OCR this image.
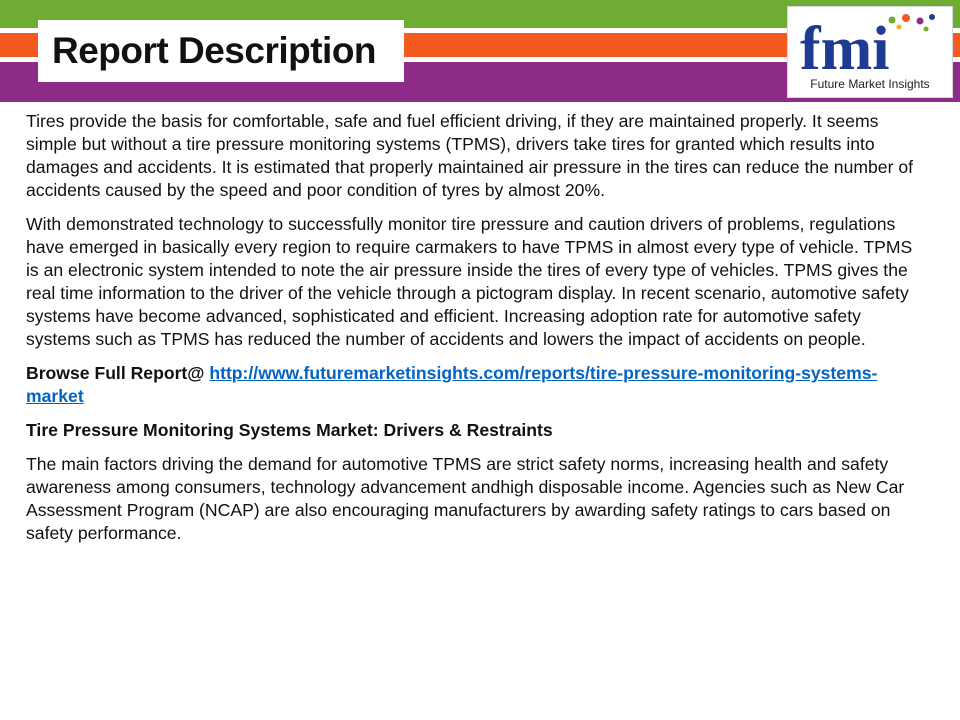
Report Description	fmi
Future Market Insights

Tires provide the basis for comfortable, safe and fuel efficient driving, if they are maintained properly. It seems simple but without a tire pressure monitoring systems (TPMS), drivers take tires for granted which results into damages and accidents. It is estimated that properly maintained air pressure in the tires can reduce the number of accidents caused by the speed and poor condition of tyres by almost 20%.

With demonstrated technology to successfully monitor tire pressure and caution drivers of problems, regulations have emerged in basically every region to require carmakers to have TPMS in almost every type of vehicle. TPMS is an electronic system intended to note the air pressure inside the tires of every type of vehicles. TPMS gives the real time information to the driver of the vehicle through a pictogram display. In recent scenario, automotive safety systems have become advanced, sophisticated and efficient. Increasing adoption rate for automotive safety systems such as TPMS has reduced the number of accidents and lowers the impact of accidents on people.

Browse Full Report@ http://www.futuremarketinsights.com/reports/tire-pressure-monitoring-systems-market

Tire Pressure Monitoring Systems Market: Drivers & Restraints

The main factors driving the demand for automotive TPMS are strict safety norms, increasing health and safety awareness among consumers, technology advancement andhigh disposable income. Agencies such as New Car Assessment Program (NCAP) are also encouraging manufacturers by awarding safety ratings to cars based on safety performance.
